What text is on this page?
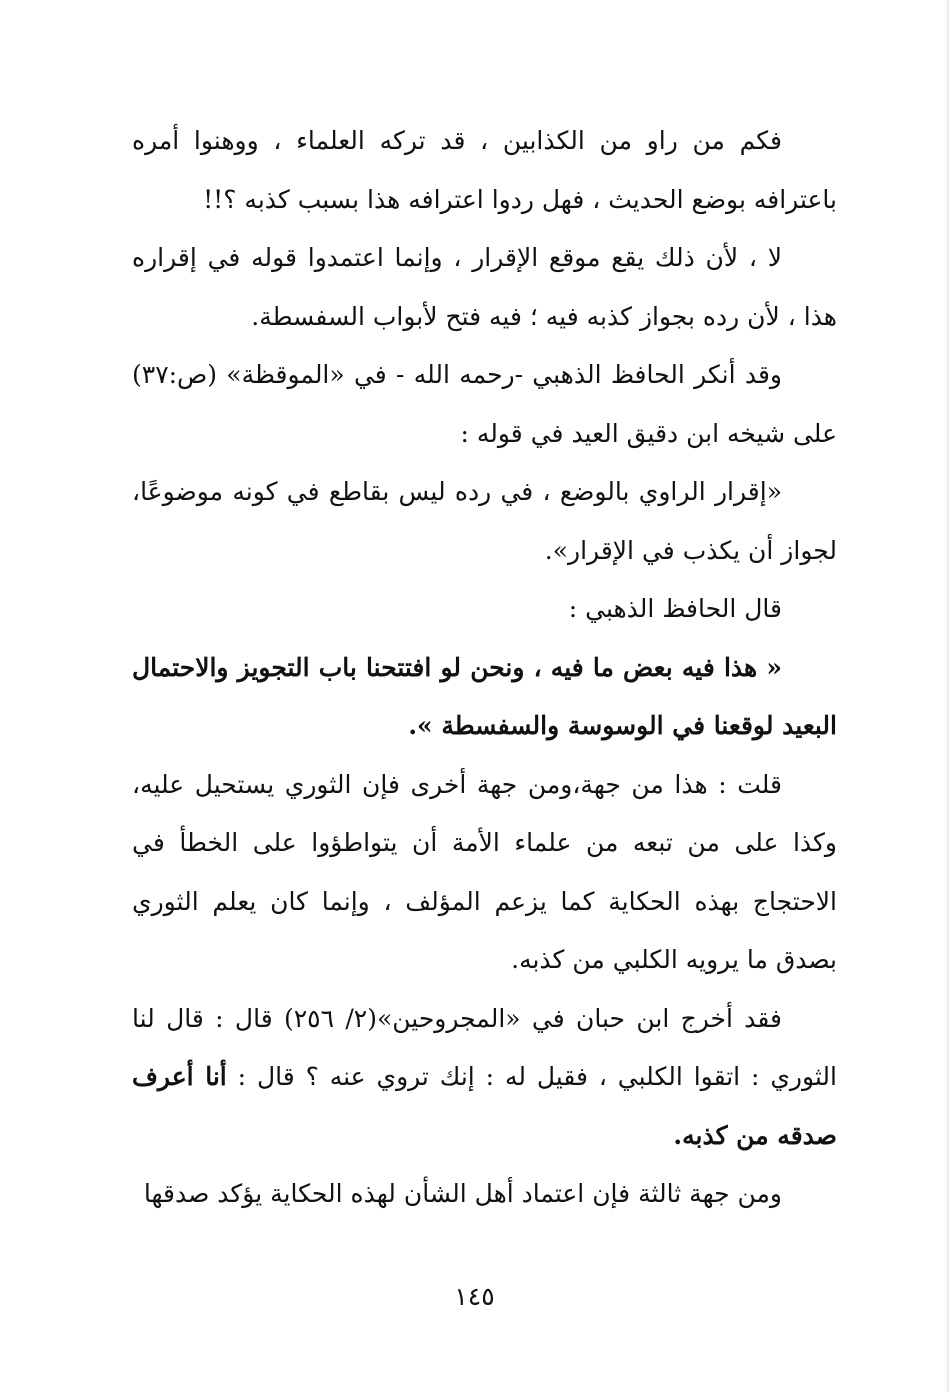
فكم من راو من الكذابين ، قد تركه العلماء ، ووهنوا أمره باعترافه بوضع الحديث ، فهل ردوا اعترافه هذا بسبب كذبه ؟!!

لا ، لأن ذلك يقع موقع الإقرار ، وإنما اعتمدوا قوله في إقراره هذا ، لأن رده بجواز كذبه فيه ؛ فيه فتح لأبواب السفسطة.

وقد أنكر الحافظ الذهبي -رحمه الله - في «الموقظة» (ص:٣٧) على شيخه ابن دقيق العيد في قوله :

«إقرار الراوي بالوضع ، في رده ليس بقاطع في كونه موضوعًا، لجواز أن يكذب في الإقرار».

قال الحافظ الذهبي :

« هذا فيه بعض ما فيه ، ونحن لو افتتحنا باب التجويز والاحتمال البعيد لوقعنا في الوسوسة والسفسطة ».

قلت : هذا من جهة،ومن جهة أخرى فإن الثوري يستحيل عليه، وكذا على من تبعه من علماء الأمة أن يتواطؤوا على الخطأ في الاحتجاج بهذه الحكاية كما يزعم المؤلف ، وإنما كان يعلم الثوري بصدق ما يرويه الكلبي من كذبه.

فقد أخرج ابن حبان في «المجروحين»(٢/ ٢٥٦) قال : قال لنا الثوري : اتقوا الكلبي ، فقيل له : إنك تروي عنه ؟ قال : أنا أعرف صدقه من كذبه.

ومن جهة ثالثة فإن اعتماد أهل الشأن لهذه الحكاية يؤكد صدقها

١٤٥
